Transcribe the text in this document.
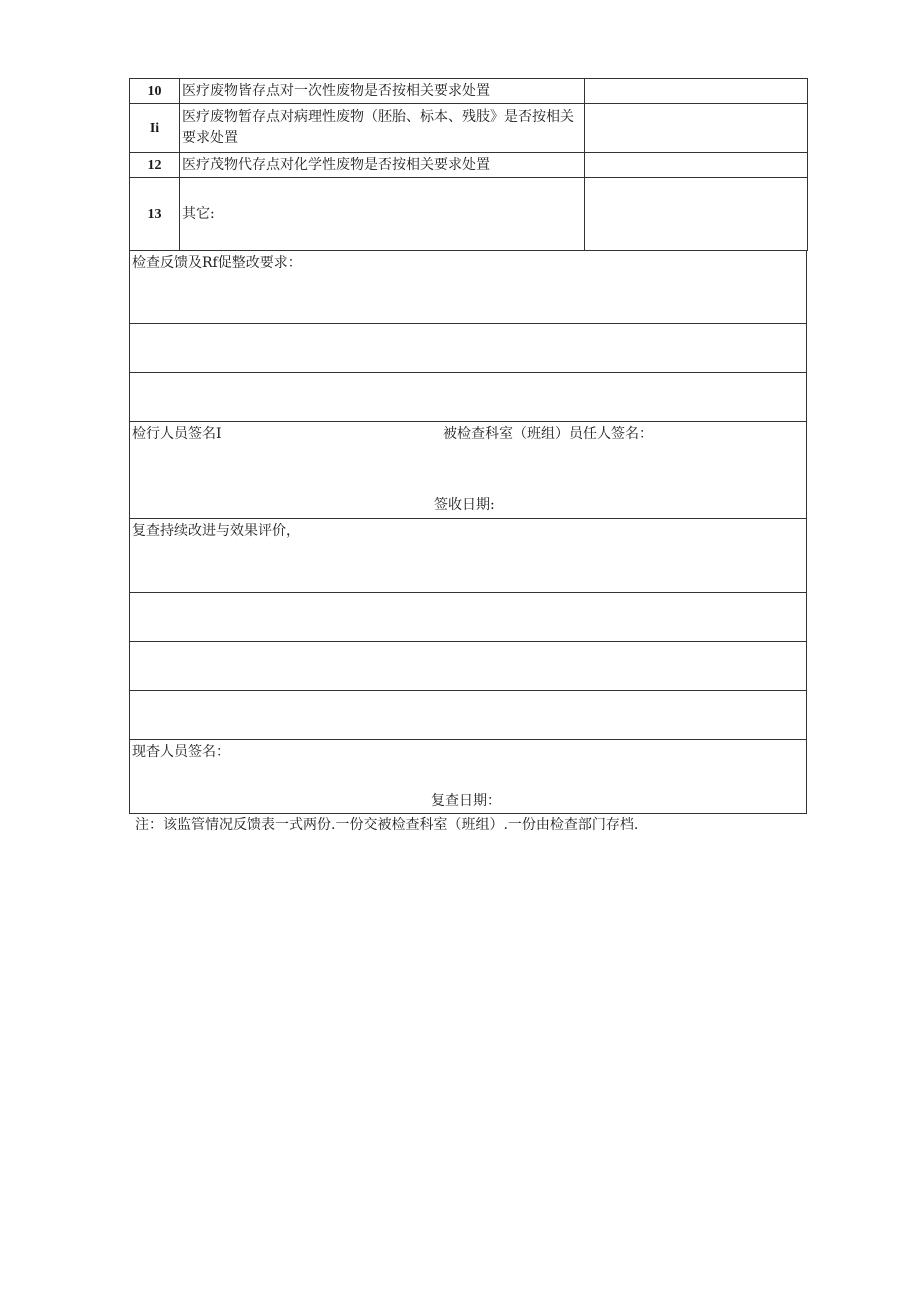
10	医疗废物皆存点对一次性废物是否按相关要求处置	
Ii	医疗废物暂存点对病理性废物（胚胎、标本、残肢》是否按相关要求处置	
12	医疗茂物代存点对化学性废物是否按相关要求处置	
13	其它:	
检查反馈及Rf促整改要求：
检行人员签名I	被检查科室（班组）员任人签名：
签收日期:
复查持续改进与效果评价，
现杳人员签名：
复查日期：
注：该监管情况反馈表一式两份.一份交被检查科室（班组）.一份由检查部门存档.
